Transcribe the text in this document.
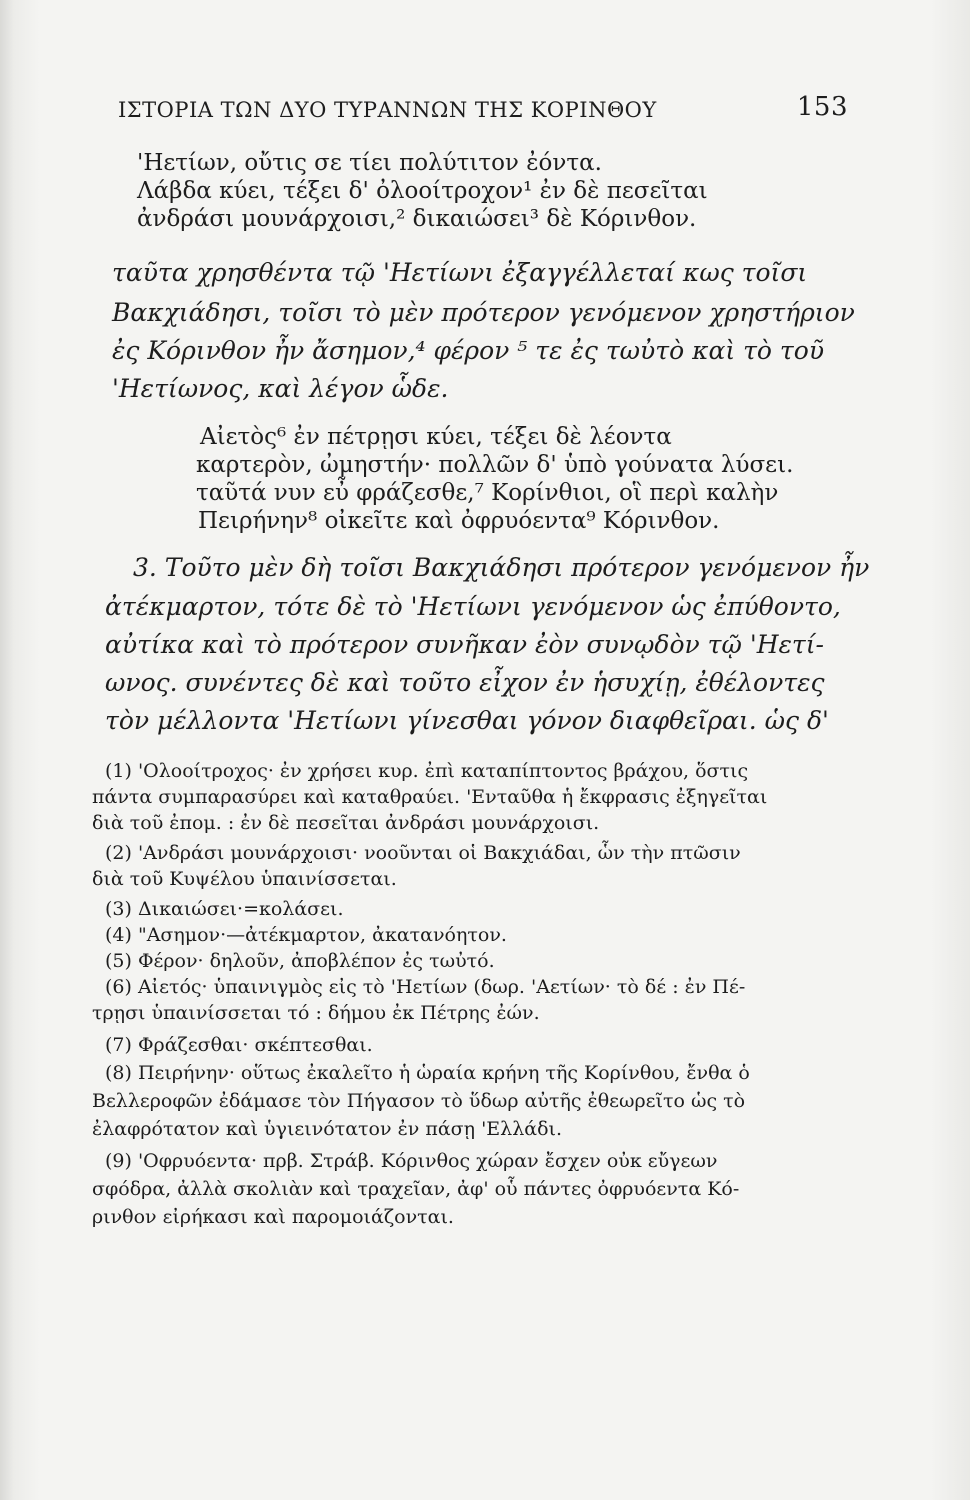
ΙΣΤΟΡΙΑ ΤΩΝ ΔΥΟ ΤΥΡΑΝΝΩΝ ΤΗΣ ΚΟΡΙΝΘΟΥ	153
'Ηετίων, οὔτις σε τίει πολύτιτον ἐόντα.
Λάβδα κύει, τέξει δ' ὀλοοίτροχον¹ ἐν δὲ πεσεῖται
ἀνδράσι μουνάρχοισι,² δικαιώσει³ δὲ Κόρινθον.
ταῦτα χρησθέντα τῷ 'Ηετίωνι ἐξαγγέλλεταί κως τοῖσι
Βακχιάδησι, τοῖσι τὸ μὲν πρότερον γενόμενον χρηστήριον
ἐς Κόρινθον ἦν ἄσημον,⁴ φέρον ⁵ τε ἐς τωὐτὸ καὶ τὸ τοῦ
'Ηετίωνος, καὶ λέγον ὧδε.
Αἰετὸς⁶ ἐν πέτρῃσι κύει, τέξει δὲ λέοντα
καρτερὸν, ὠμηστήν· πολλῶν δ' ὑπὸ γούνατα λύσει.
ταῦτά νυν εὖ φράζεσθε,⁷ Κορίνθιοι, οἳ περὶ καλὴν
Πειρήνην⁸ οἰκεῖτε καὶ ὀφρυόεντα⁹ Κόρινθον.
3. Τοῦτο μὲν δὴ τοῖσι Βακχιάδησι πρότερον γενόμενον ἦν
ἀτέκμαρτον, τότε δὲ τὸ 'Ηετίωνι γενόμενον ὡς ἐπύθοντο,
αὐτίκα καὶ τὸ πρότερον συνῆκαν ἐὸν συνῳδὸν τῷ 'Ηετί-
ωνος. συνέντες δὲ καὶ τοῦτο εἶχον ἐν ἡσυχίῃ, ἐθέλοντες
τὸν μέλλοντα 'Ηετίωνι γίνεσθαι γόνον διαφθεῖραι. ὡς δ'
(1) 'Ολοοίτροχος· ἐν χρήσει κυρ. ἐπὶ καταπίπτοντος βράχου, ὅστις
πάντα συμπαρασύρει καὶ καταθραύει. 'Ενταῦθα ἡ ἔκφρασις ἐξηγεῖται
διὰ τοῦ ἐπομ. : ἐν δὲ πεσεῖται ἀνδράσι μουνάρχοισι.
(2) 'Ανδράσι μουνάρχοισι· νοοῦνται οἱ Βακχιάδαι, ὧν τὴν πτῶσιν
διὰ τοῦ Κυψέλου ὑπαινίσσεται.
(3) Δικαιώσει·=κολάσει.
(4) "Ασημον·—ἀτέκμαρτον, ἀκατανόητον.
(5) Φέρον· δηλοῦν, ἀποβλέπον ἐς τωὐτό.
(6) Αἰετός· ὑπαινιγμὸς εἰς τὸ 'Ηετίων (δωρ. 'Αετίων· τὸ δέ : ἐν Πέ-
τρῃσι ὑπαινίσσεται τό : δήμου ἐκ Πέτρης ἐών.
(7) Φράζεσθαι· σκέπτεσθαι.
(8) Πειρήνην· οὕτως ἐκαλεῖτο ἡ ὡραία κρήνη τῆς Κορίνθου, ἔνθα ὁ
Βελλεροφῶν ἐδάμασε τὸν Πήγασον τὸ ὕδωρ αὐτῆς ἐθεωρεῖτο ὡς τὸ
ἐλαφρότατον καὶ ὑγιεινότατον ἐν πάσῃ 'Ελλάδι.
(9) 'Οφρυόεντα· πρβ. Στράβ. Κόρινθος χώραν ἔσχεν οὐκ εὔγεων
σφόδρα, ἀλλὰ σκολιὰν καὶ τραχεῖαν, ἀφ' οὗ πάντες ὀφρυόεντα Κό-
ρινθον εἰρήκασι καὶ παρομοιάζονται.
